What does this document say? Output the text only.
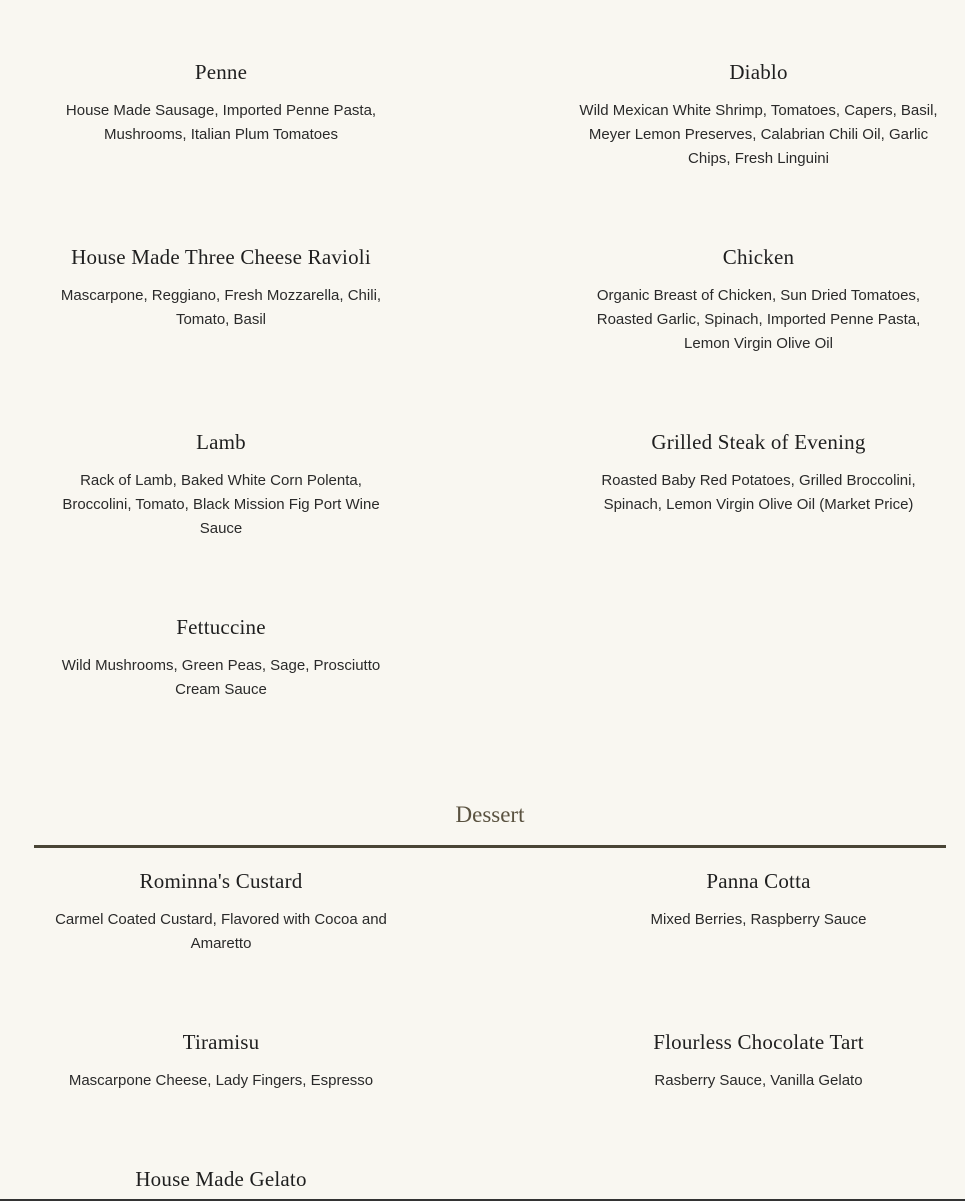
Penne

House Made Sausage, Imported Penne Pasta, Mushrooms, Italian Plum Tomatoes

Diablo

Wild Mexican White Shrimp, Tomatoes, Capers, Basil, Meyer Lemon Preserves, Calabrian Chili Oil, Garlic Chips, Fresh Linguini

House Made Three Cheese Ravioli

Mascarpone, Reggiano, Fresh Mozzarella, Chili, Tomato, Basil

Chicken

Organic Breast of Chicken, Sun Dried Tomatoes, Roasted Garlic, Spinach, Imported Penne Pasta, Lemon Virgin Olive Oil

Lamb

Rack of Lamb, Baked White Corn Polenta, Broccolini, Tomato, Black Mission Fig Port Wine Sauce

Grilled Steak of Evening

Roasted Baby Red Potatoes, Grilled Broccolini, Spinach, Lemon Virgin Olive Oil (Market Price)

Fettuccine

Wild Mushrooms, Green Peas, Sage, Prosciutto Cream Sauce

Dessert
Rominna's Custard

Carmel Coated Custard, Flavored with Cocoa and Amaretto

Panna Cotta

Mixed Berries, Raspberry Sauce

Tiramisu

Mascarpone Cheese, Lady Fingers, Espresso

Flourless Chocolate Tart

Rasberry Sauce, Vanilla Gelato

House Made Gelato
